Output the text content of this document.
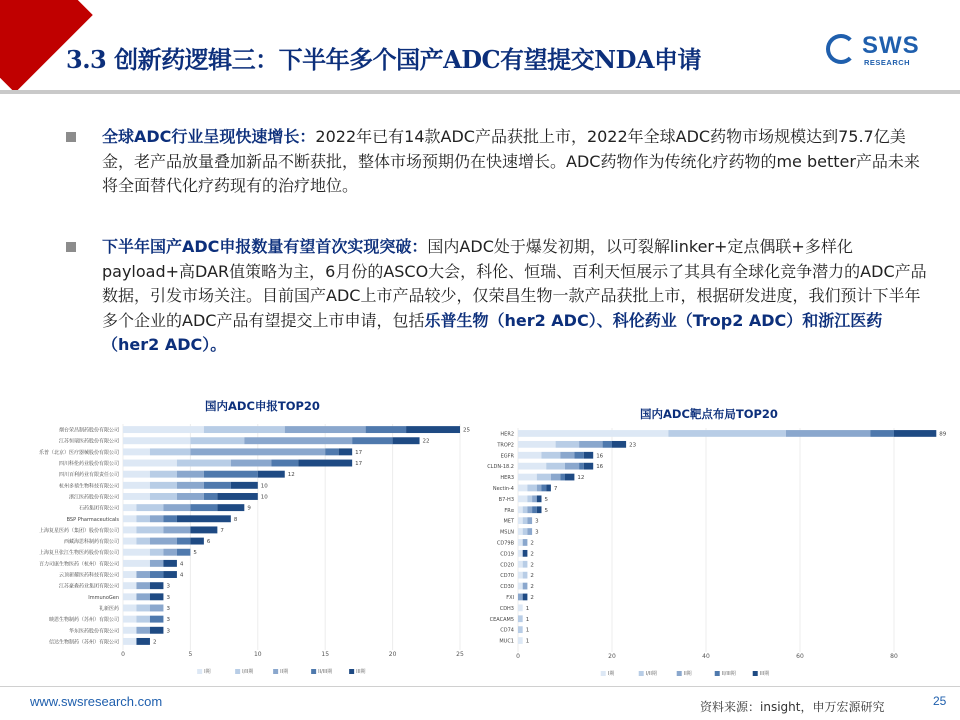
3.3 创新药逻辑三：下半年多个国产ADC有望提交NDA申请	SWS
RESEARCH
全球ADC行业呈现快速增长：2022年已有14款ADC产品获批上市，2022年全球ADC药物市场规模达到75.7亿美金，老产品放量叠加新品不断获批，整体市场预期仍在快速增长。ADC药物作为传统化疗药物的me better产品未来将全面替代化疗药现有的治疗地位。
下半年国产ADC申报数量有望首次实现突破：国内ADC处于爆发初期，以可裂解linker+定点偶联+多样化payload+高DAR值策略为主，6月份的ASCO大会，科伦、恒瑞、百利天恒展示了其具有全球化竞争潜力的ADC产品数据，引发市场关注。目前国产ADC上市产品较少，仅荣昌生物一款产品获批上市，根据研发进度，我们预计下半年多个企业的ADC产品有望提交上市申请，包括乐普生物（her2 ADC）、科伦药业（Trop2 ADC）和浙江医药（her2 ADC）。
国内ADC申报TOP20
国内ADC靶点布局TOP20
0	5	10	15	20	25
烟台荣昌制药股份有限公司	25
江苏恒瑞医药股份有限公司	22
乐普（北京）医疗器械股份有限公司	17
四川科伦药业股份有限公司	17
四川百利药业有限责任公司	12
杭州多禧生物科技有限公司	10
浙江医药股份有限公司	10
石药集团有限公司	9
BSP Pharmaceuticals	8
上海复星医药（集团）股份有限公司	7
西藏海思科制药有限公司	6
上海复旦张江生物医药股份有限公司	5
百力司康生物医药（杭州）有限公司	4
云顶新耀医药科技有限公司	4
江苏豪森药业集团有限公司	3
ImmunoGen	3
礼新医药	3
映恩生物制药（苏州）有限公司	3
华东医药股份有限公司	3
信达生物制药（苏州）有限公司	2
I期	I/II期	II期	II/III期	III期
0	20	40	60	80
HER2	89
TROP2	23
EGFR	16
CLDN-18.2	16
HER3	12
Nectin-4	7
B7-H3	5
FRα	5
MET	3
MSLN	3
CD79B	2
CD19	2
CD20	2
CD70	2
CD30	2
FXI	2
CDH3 1
CEACAM5 1
CD74 1
MUC1 1
I期	I/II期	II期	II/III期	III期
www.swsresearch.com	资料来源：insight，申万宏源研究	25
